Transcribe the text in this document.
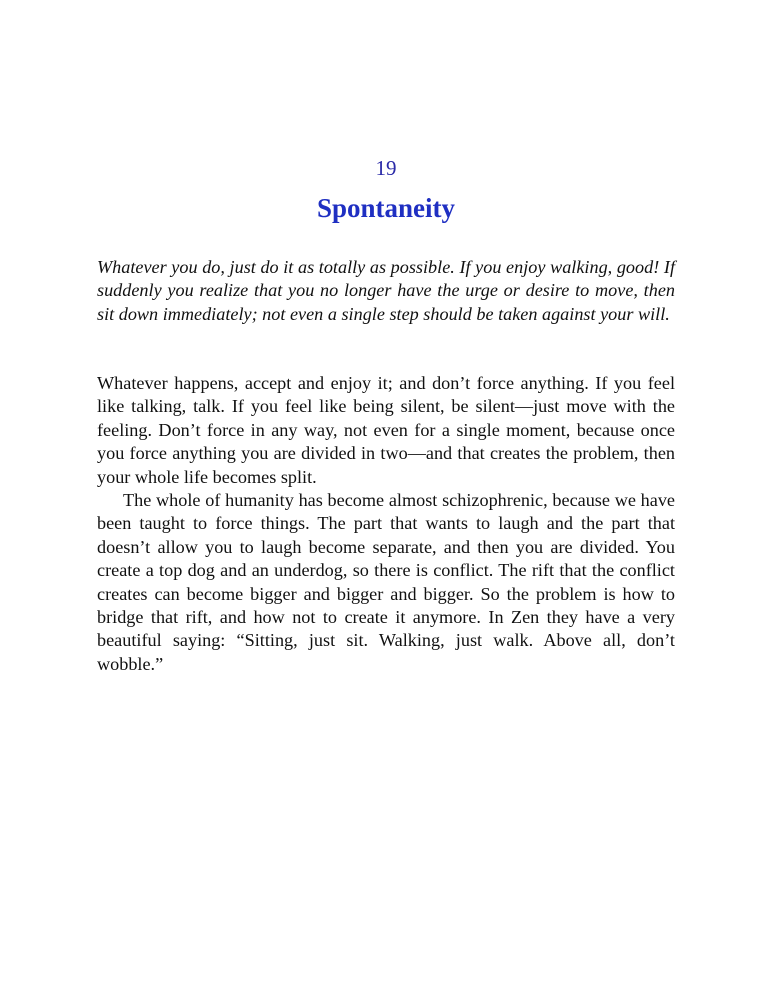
19
Spontaneity

Whatever you do, just do it as totally as possible. If you enjoy walking, good! If suddenly you realize that you no longer have the urge or desire to move, then sit down immediately; not even a single step should be taken against your will.

Whatever happens, accept and enjoy it; and don’t force anything. If you feel like talking, talk. If you feel like being silent, be silent—just move with the feeling. Don’t force in any way, not even for a single moment, because once you force anything you are divided in two—and that creates the problem, then your whole life becomes split.

The whole of humanity has become almost schizophrenic, because we have been taught to force things. The part that wants to laugh and the part that doesn’t allow you to laugh become separate, and then you are divided. You create a top dog and an underdog, so there is conflict. The rift that the conflict creates can become bigger and bigger and bigger. So the problem is how to bridge that rift, and how not to create it anymore. In Zen they have a very beautiful saying: “Sitting, just sit. Walking, just walk. Above all, don’t wobble.”
